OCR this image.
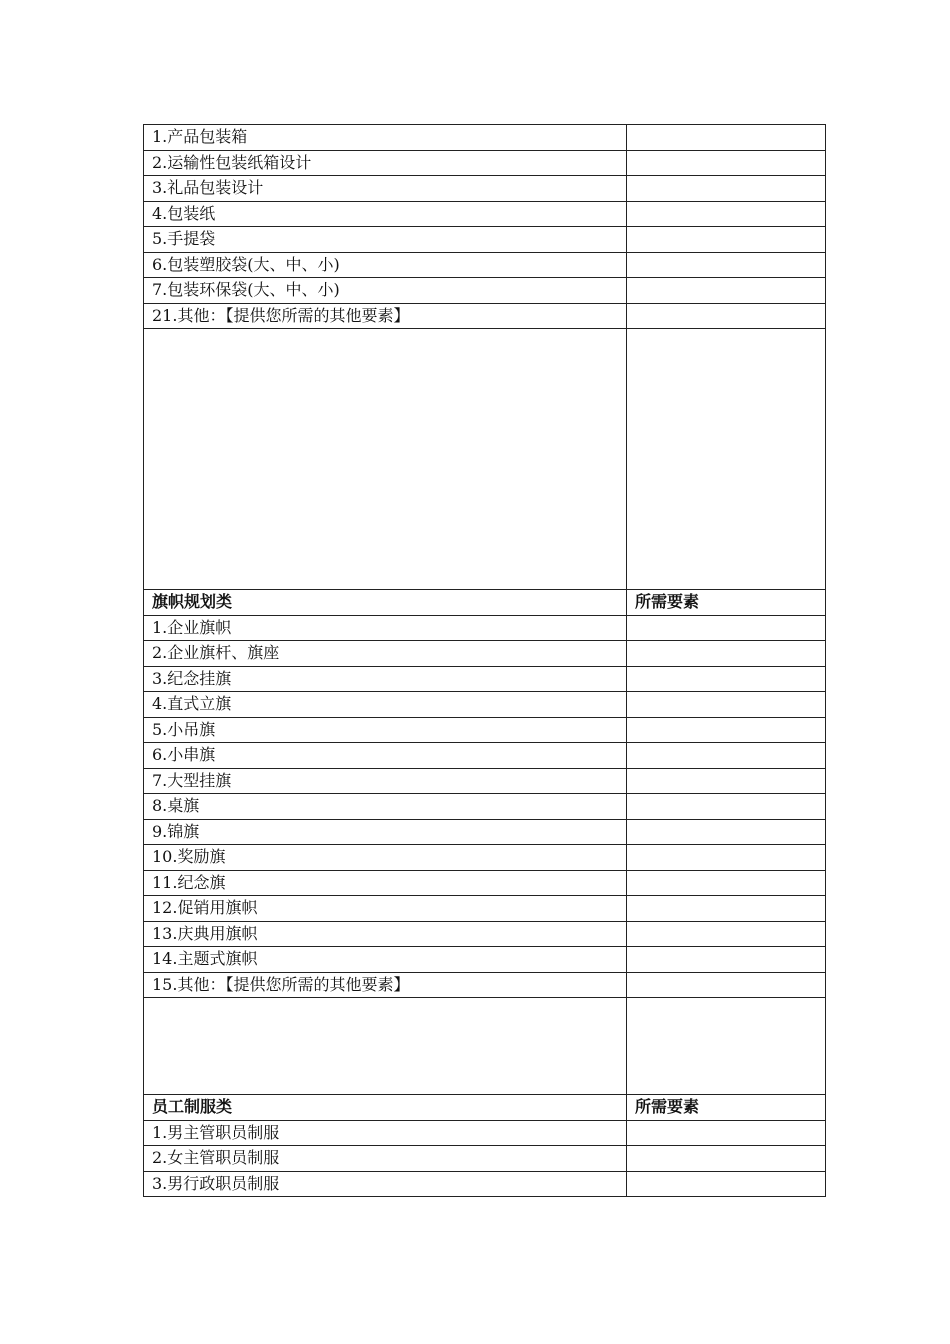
1.产品包装箱	
2.运输性包装纸箱设计	
3.礼品包装设计	
4.包装纸	
5.手提袋	
6.包装塑胶袋(大、中、小)	
7.包装环保袋(大、中、小)	
21.其他：【提供您所需的其他要素】	

旗帜规划类	所需要素
1.企业旗帜	
2.企业旗杆、旗座	
3.纪念挂旗	
4.直式立旗	
5.小吊旗	
6.小串旗	
7.大型挂旗	
8.桌旗	
9.锦旗	
10.奖励旗	
11.纪念旗	
12.促销用旗帜	
13.庆典用旗帜	
14.主题式旗帜	
15.其他：【提供您所需的其他要素】	

员工制服类	所需要素
1.男主管职员制服	
2.女主管职员制服	
3.男行政职员制服	
